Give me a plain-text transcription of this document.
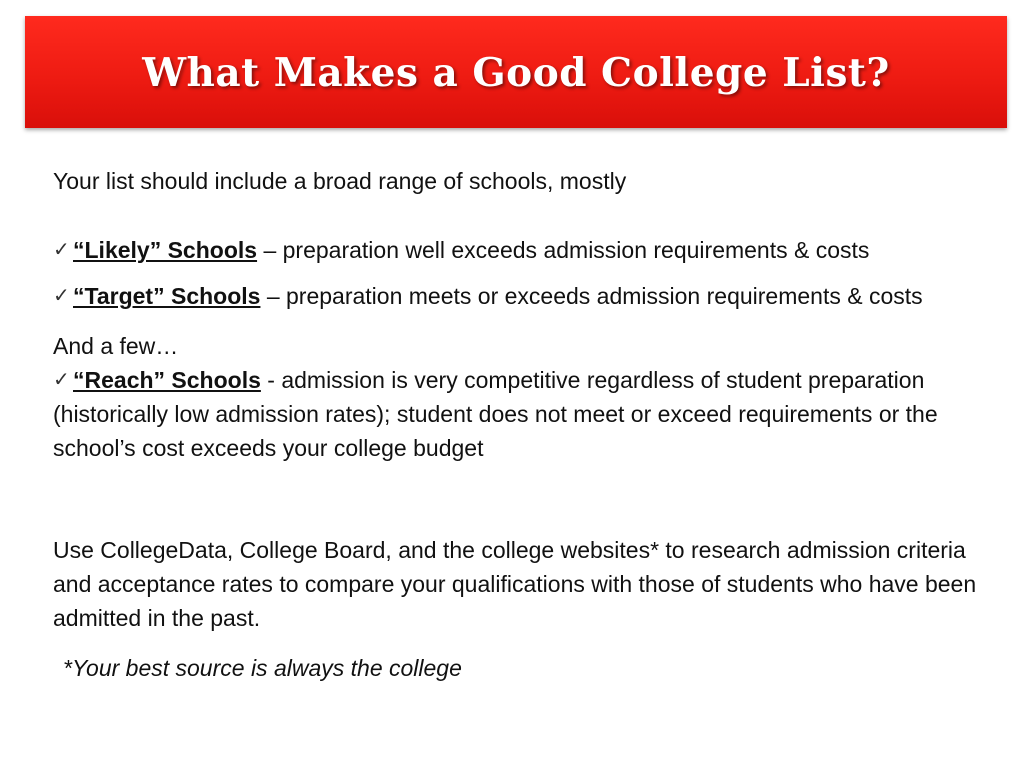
What Makes a Good College List?

Your list should include a broad range of schools, mostly

✓ “Likely” Schools – preparation well exceeds admission requirements & costs

✓ “Target” Schools – preparation meets or exceeds admission requirements & costs

And a few…

✓ “Reach” Schools - admission is very competitive regardless of student preparation (historically low admission rates); student does not meet or exceed requirements or the school’s cost exceeds your college budget

Use CollegeData, College Board, and the college websites* to research admission criteria and acceptance rates to compare your qualifications with those of students who have been admitted in the past.

*Your best source is always the college
